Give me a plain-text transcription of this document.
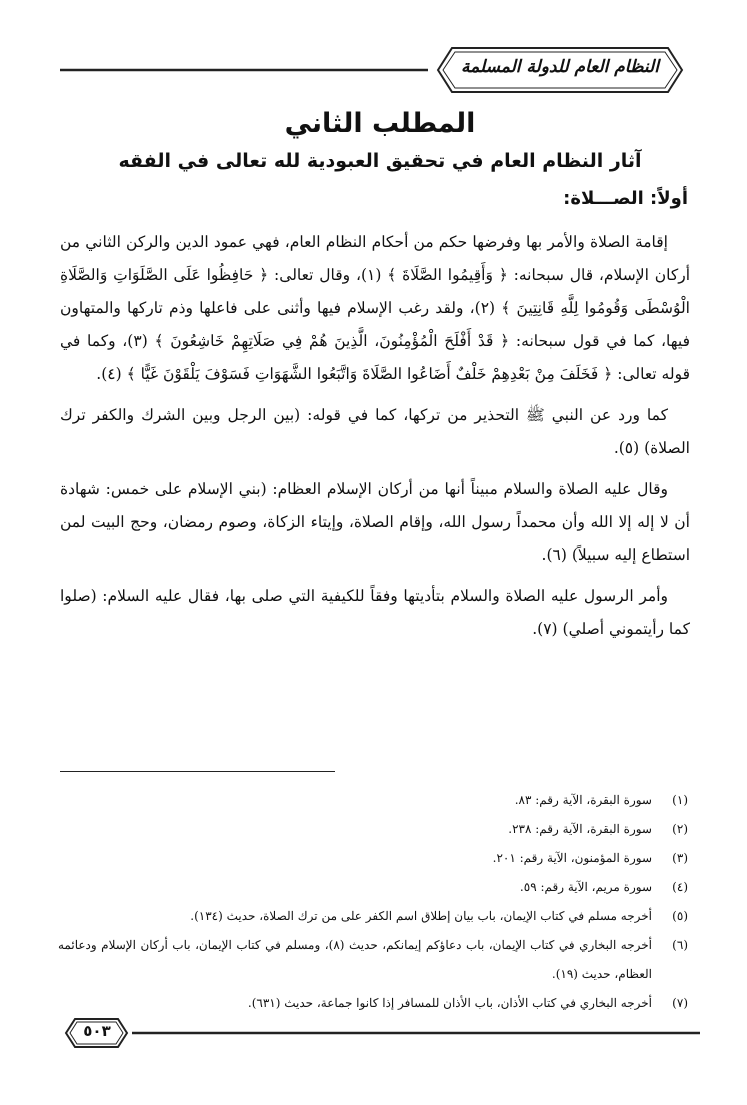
النظام العام للدولة المسلمة
المطلب الثاني
آثار النظام العام في تحقيق العبودية لله تعالى في الفقه
أولاً: الصـــلاة:

إقامة الصلاة والأمر بها وفرضها حكم من أحكام النظام العام، فهي عمود الدين والركن الثاني من أركان الإسلام، قال سبحانه: ﴿ وَأَقِيمُوا الصَّلَاةَ ﴾ (١)، وقال تعالى: ﴿ حَافِظُوا عَلَى الصَّلَوَاتِ وَالصَّلَاةِ الْوُسْطَى وَقُومُوا لِلَّهِ قَانِتِينَ ﴾ (٢)، ولقد رغب الإسلام فيها وأثنى على فاعلها وذم تاركها والمتهاون فيها، كما في قول سبحانه: ﴿ قَدْ أَفْلَحَ الْمُؤْمِنُونَ، الَّذِينَ هُمْ فِي صَلَاتِهِمْ خَاشِعُونَ ﴾ (٣)، وكما في قوله تعالى: ﴿ فَخَلَفَ مِنْ بَعْدِهِمْ خَلْفٌ أَضَاعُوا الصَّلَاةَ وَاتَّبَعُوا الشَّهَوَاتِ فَسَوْفَ يَلْقَوْنَ غَيًّا ﴾ (٤).

كما ورد عن النبي ﷺ التحذير من تركها، كما في قوله: (بين الرجل وبين الشرك والكفر ترك الصلاة) (٥).

وقال عليه الصلاة والسلام مبيناً أنها من أركان الإسلام العظام: (بني الإسلام على خمس: شهادة أن لا إله إلا الله وأن محمداً رسول الله، وإقام الصلاة، وإيتاء الزكاة، وصوم رمضان، وحج البيت لمن استطاع إليه سبيلاً) (٦).

وأمر الرسول عليه الصلاة والسلام بتأديتها وفقاً للكيفية التي صلى بها، فقال عليه السلام: (صلوا كما رأيتموني أصلي) (٧).

(١)
سورة البقرة، الآية رقم: ٨٣.
(٢)
سورة البقرة، الآية رقم: ٢٣٨.
(٣)
سورة المؤمنون، الآية رقم: ٢٠١.
(٤)
سورة مريم، الآية رقم: ٥٩.
(٥)
أخرجه مسلم في كتاب الإيمان، باب بيان إطلاق اسم الكفر على من ترك الصلاة، حديث (١٣٤).
(٦)
أخرجه البخاري في كتاب الإيمان، باب دعاؤكم إيمانكم، حديث (٨)، ومسلم في كتاب الإيمان، باب أركان الإسلام ودعائمه العظام، حديث (١٩).
(٧)
أخرجه البخاري في كتاب الأذان، باب الأذان للمسافر إذا كانوا جماعة، حديث (٦٣١).
٥٠٣
